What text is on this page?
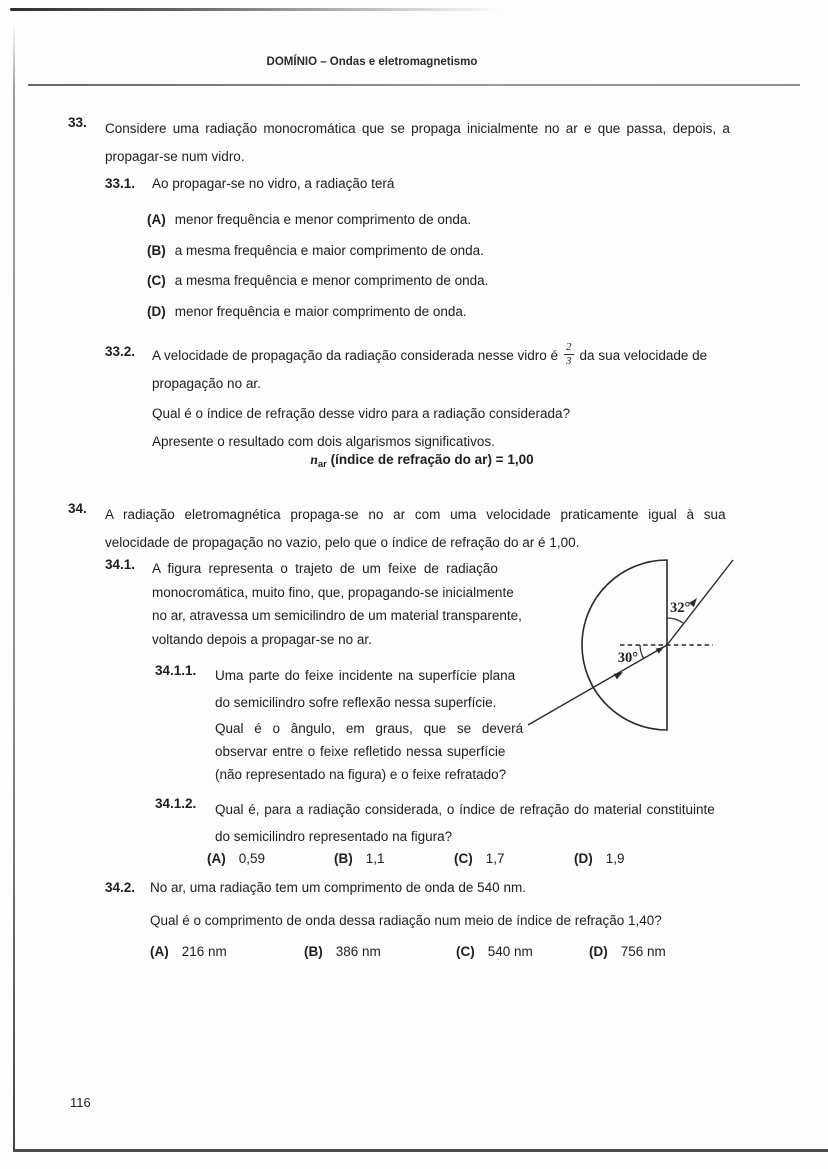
DOMÍNIO – Ondas e eletromagnetismo
33. Considere uma radiação monocromática que se propaga inicialmente no ar e que passa, depois, a
propagar-se num vidro.
33.1. Ao propagar-se no vidro, a radiação terá
(A) menor frequência e menor comprimento de onda.
(B) a mesma frequência e maior comprimento de onda.
(C) a mesma frequência e menor comprimento de onda.
(D) menor frequência e maior comprimento de onda.
33.2. A velocidade de propagação da radiação considerada nesse vidro é $\frac{2}{3}$ da sua velocidade de
propagação no ar.
Qual é o índice de refração desse vidro para a radiação considerada?
Apresente o resultado com dois algarismos significativos.
$n_{ar}$ (índice de refração do ar) = 1,00
34. A radiação eletromagnética propaga-se no ar com uma velocidade praticamente igual à sua
velocidade de propagação no vazio, pelo que o índice de refração do ar é 1,00.
34.1. A figura representa o trajeto de um feixe de radiação
monocromática, muito fino, que, propagando-se inicialmente
no ar, atravessa um semicilindro de um material transparente,
voltando depois a propagar-se no ar.
32°
30°
34.1.1. Uma parte do feixe incidente na superfície plana
do semicilindro sofre reflexão nessa superfície.
Qual é o ângulo, em graus, que se deverá
observar entre o feixe refletido nessa superfície
(não representado na figura) e o feixe refratado?
34.1.2. Qual é, para a radiação considerada, o índice de refração do material constituinte
do semicilindro representado na figura?
(A) 0,59	(B) 1,1	(C) 1,7	(D) 1,9
34.2. No ar, uma radiação tem um comprimento de onda de 540 nm.
Qual é o comprimento de onda dessa radiação num meio de índice de refração 1,40?
(A) 216 nm	(B) 386 nm	(C) 540 nm	(D) 756 nm
116
